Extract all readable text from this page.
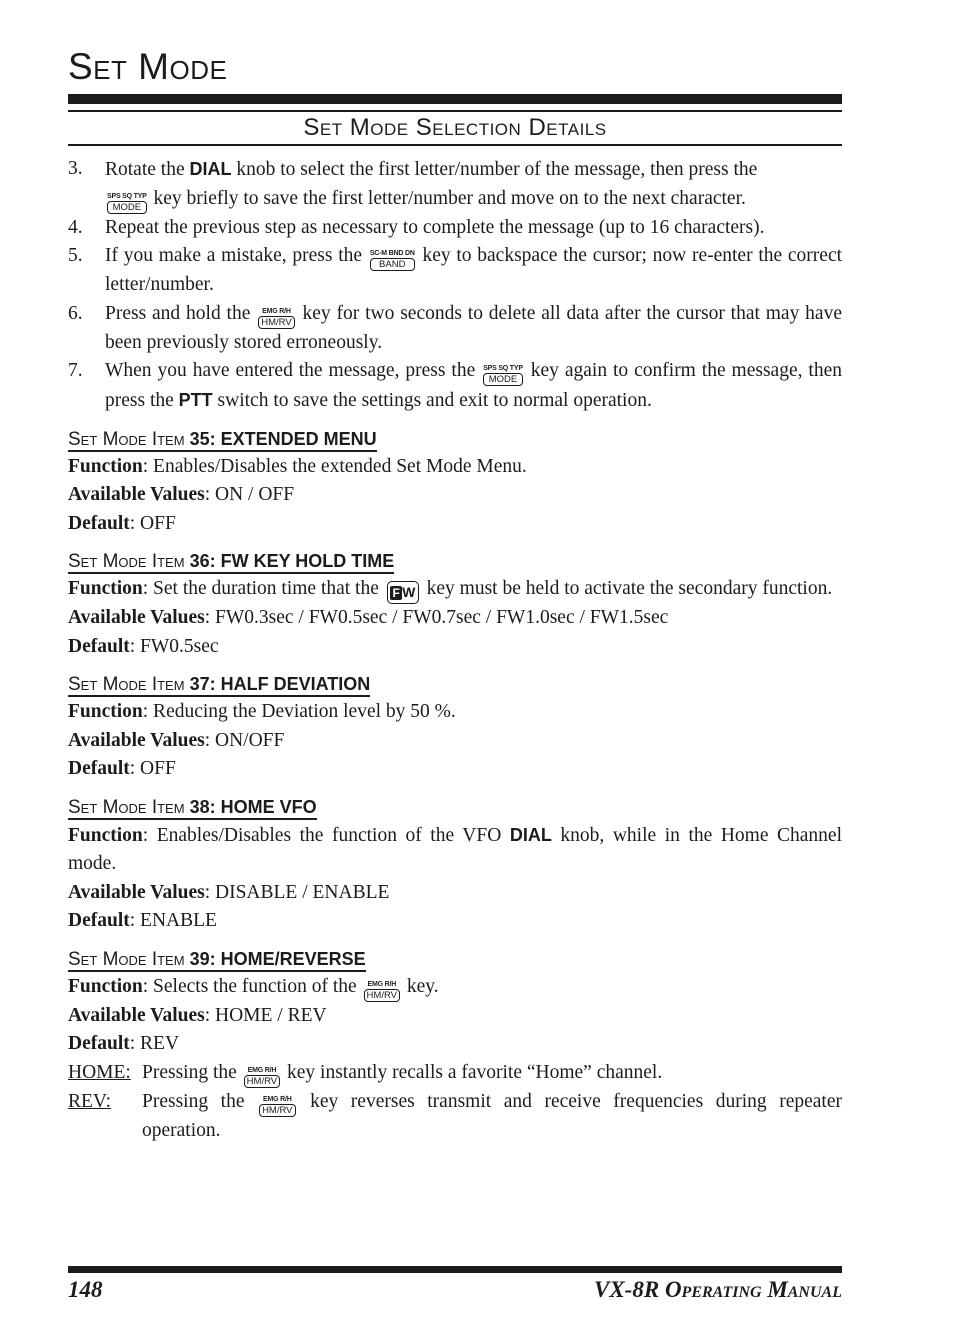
Set Mode
Set Mode Selection Details
3.	Rotate the DIAL knob to select the first letter/number of the message, then press the

SPS SQ TYP
MODE key briefly to save the first letter/number and move on to the next character.
4.	Repeat the previous step as necessary to complete the message (up to 16 characters).
5.	If you make a mistake, press the SC-M BND DN
BAND key to backspace the cursor; now re-enter the correct letter/number.
6.	Press and hold the EMG R/H
HM/RV key for two seconds to delete all data after the cursor that may have been previously stored erroneously.
7.	When you have entered the message, press the SPS SQ TYP
MODE key again to confirm the message, then press the PTT switch to save the settings and exit to normal operation.
Set Mode Item 35: EXTENDED MENU

Function: Enables/Disables the extended Set Mode Menu.

Available Values: ON / OFF

Default: OFF

Set Mode Item 36: FW KEY HOLD TIME

Function: Set the duration time that the F W key must be held to activate the secondary function.

Available Values: FW0.3sec / FW0.5sec / FW0.7sec / FW1.0sec / FW1.5sec

Default: FW0.5sec

Set Mode Item 37: HALF DEVIATION

Function: Reducing the Deviation level by 50 %.

Available Values: ON/OFF

Default: OFF

Set Mode Item 38: HOME VFO

Function: Enables/Disables the function of the VFO DIAL knob, while in the Home Channel mode.

Available Values: DISABLE / ENABLE

Default: ENABLE

Set Mode Item 39: HOME/REVERSE

Function: Selects the function of the EMG R/H
HM/RV key.

Available Values: HOME / REV

Default: REV

HOME: Pressing the EMG R/H
HM/RV key instantly recalls a favorite “Home” channel.
REV:	Pressing the EMG R/H
HM/RV key reverses transmit and receive frequencies during repeater operation.
148	VX-8R Operating Manual
